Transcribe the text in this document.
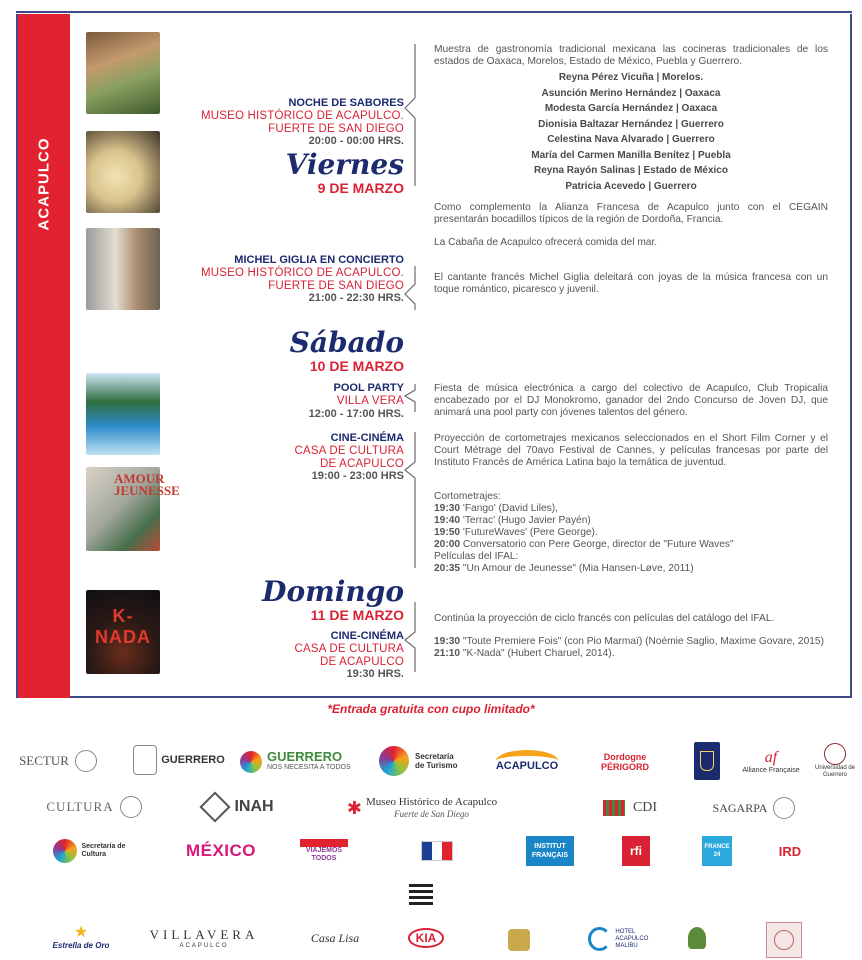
ACAPULCO
AMOUR JEUNESSE
K-NADA
NOCHE DE SABORES
MUSEO HISTÓRICO DE ACAPULCO.
FUERTE DE SAN DIEGO
20:00 - 00:00 HRS.
Viernes
9 DE MARZO
MICHEL GIGLIA EN CONCIERTO
MUSEO HISTÓRICO DE ACAPULCO.
FUERTE DE SAN DIEGO
21:00 - 22:30 HRS.
Sábado
10 DE MARZO
POOL PARTY
VILLA VERA
12:00 - 17:00 HRS.
CINE-CINÉMA
CASA DE CULTURA
DE ACAPULCO
19:00 - 23:00 HRS
Domingo
11 DE MARZO
CINE-CINÉMA
CASA DE CULTURA
DE ACAPULCO
19:30 HRS.

Muestra de gastronomía tradicional mexicana las cocineras tradicionales de los estados de Oaxaca, Morelos, Estado de México, Puebla y Guerrero.

Reyna Pérez Vicuña | Morelos.
Asunción Merino Hernández | Oaxaca
Modesta García Hernández | Oaxaca
Dionisia Baltazar Hernández | Guerrero
Celestina Nava Alvarado | Guerrero
María del Carmen Manilla Benítez | Puebla
Reyna Rayón Salinas | Estado de México
Patricia Acevedo | Guerrero

Como complemento la Alianza Francesa de Acapulco junto con el CEGAIN presentarán bocadillos típicos de la región de Dordoña, Francia.

La Cabaña de Acapulco ofrecerá comida del mar.

El cantante francés Michel Giglia deleitará con joyas de la música francesa con un toque romántico, picaresco y juvenil.

Fiesta de música electrónica a cargo del colectivo de Acapulco, Club Tropicalia encabezado por el DJ Monokromo, ganador del 2ndo Concurso de Joven DJ, que animará una pool party con jóvenes talentos del género.

Proyección de cortometrajes mexicanos seleccionados en el Short Film Corner y el Court Métrage del 70avo Festival de Cannes, y películas francesas por parte del Instituto Francés de América Latina bajo la temática de juventud.

Cortometrajes:
19:30 'Fango' (David Liles),
19:40 'Terrac' (Hugo Javier Payén)
19:50 'FutureWaves' (Pere George).
20:00 Conversatorio con Pere George, director de "Future Waves"
Películas del IFAL:
20:35 "Un Amour de Jeunesse" (Mia Hansen-Løve, 2011)

Continúa la proyección de ciclo francés con películas del catálogo del IFAL.

19:30 "Toute Premiere Fois" (con Pio Marmaï) (Noémie Saglio, Maxime Govare, 2015)
21:10 "K-Nada" (Hubert Charuel, 2014).
*Entrada gratuita con cupo limitado*
SECTUR	GUERRERO	GUERRERO
NOS NECESITA A TODOS
Secretaría de Turismo	ACAPULCO
Dordogne PÉRIGORD
af
Alliance Française	Universidad de Guerrero
CULTURA	INAH	✱ Museo Histórico de Acapulco
Fuerte de San Diego	CDI	SAGARPA
Secretaría de Cultura	MÉXICO	VIAJEMOS TODOS
INSTITUT FRANÇAIS	rfi	FRANCE 24	IRD
★
Estrella de Oro
VILLAVERA
ACAPULCO
Casa Lisa	KIA	HOTEL ACAPULCO MALIBU
